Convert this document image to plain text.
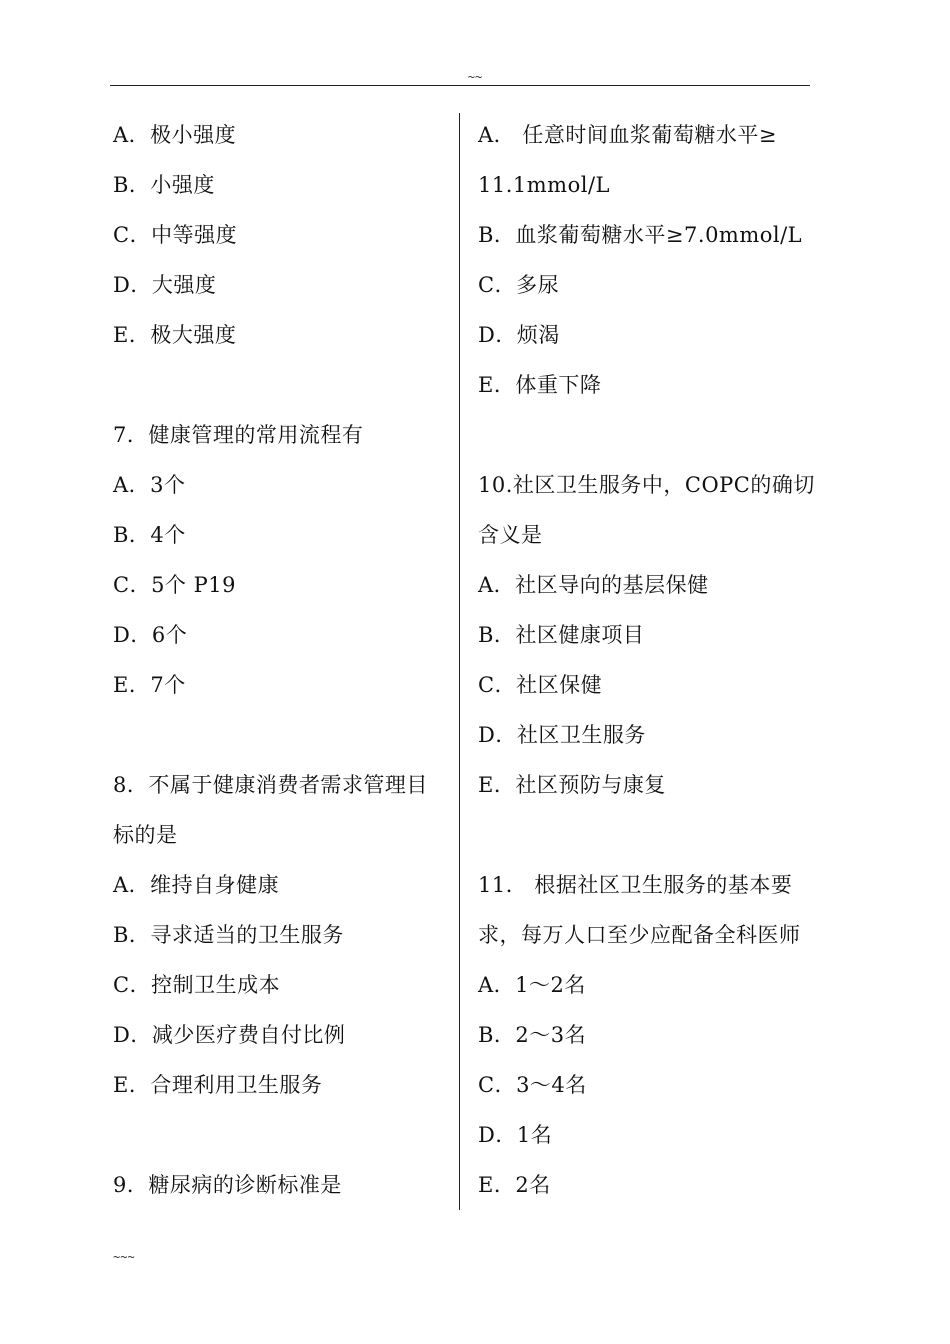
~~
A．极小强度
B．小强度
C．中等强度
D．大强度
E．极大强度
7．健康管理的常用流程有
A．3个
B．4个
C．5个 P19
D．6个
E．7个
8．不属于健康消费者需求管理目
标的是
A．维持自身健康
B．寻求适当的卫生服务
C．控制卫生成本
D．减少医疗费自付比例
E．合理利用卫生服务
9．糖尿病的诊断标准是
A． 任意时间血浆葡萄糖水平≥
11.1mmol/L
B．血浆葡萄糖水平≥7.0mmol/L
C．多尿
D．烦渴
E．体重下降
10.社区卫生服务中，COPC的确切
含义是
A．社区导向的基层保健
B．社区健康项目
C．社区保健
D．社区卫生服务
E．社区预防与康复
11． 根据社区卫生服务的基本要
求，每万人口至少应配备全科医师
A．1～2名
B．2～3名
C．3～4名
D．1名
E．2名
~~~
